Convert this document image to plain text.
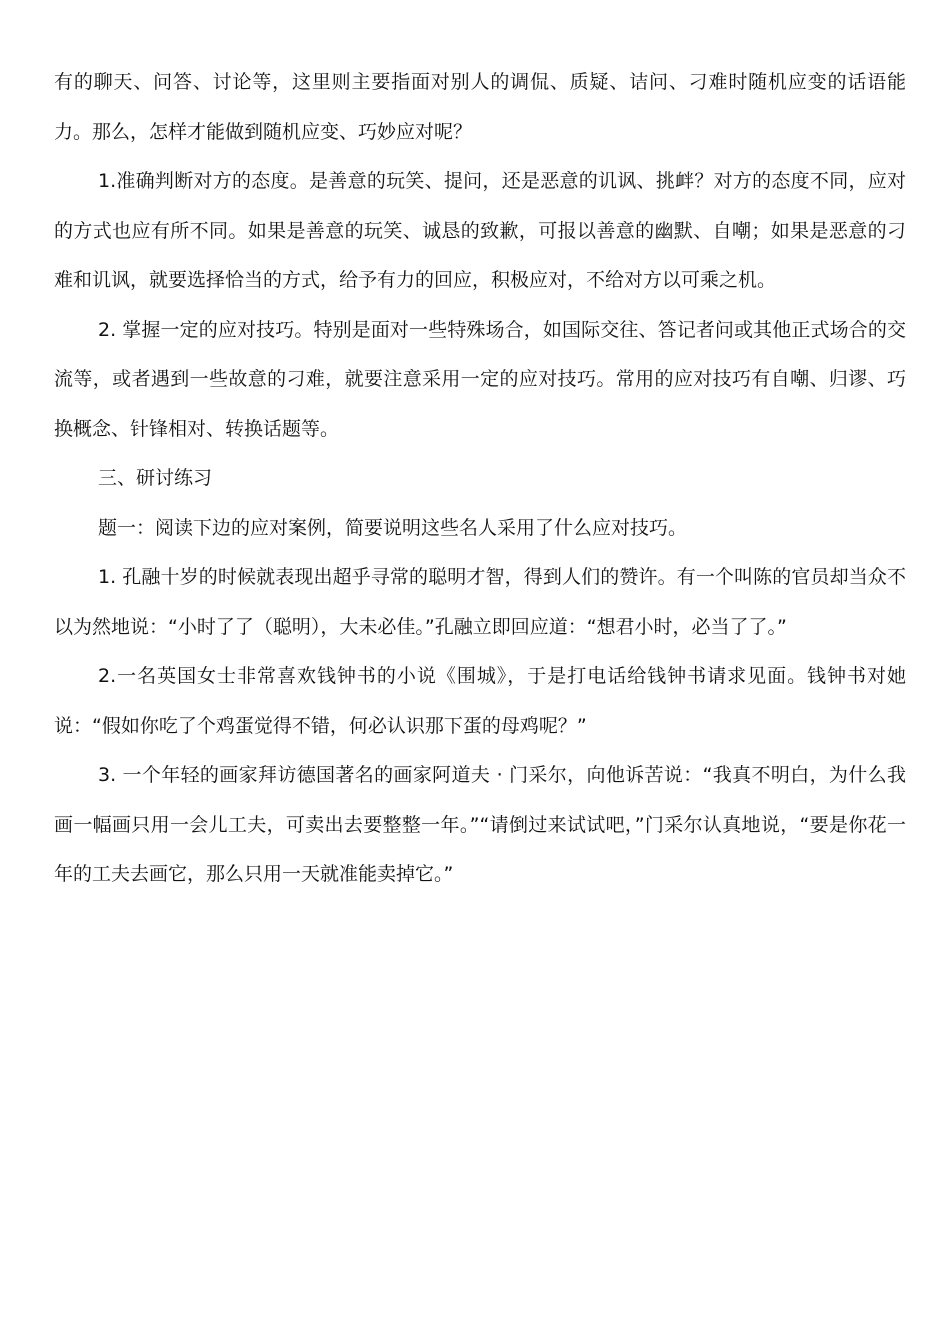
有的聊天、问答、讨论等，这里则主要指面对别人的调侃、质疑、诘问、刁难时随机应变的话语能力。那么，怎样才能做到随机应变、巧妙应对呢？

1.准确判断对方的态度。是善意的玩笑、提问，还是恶意的讥讽、挑衅？对方的态度不同，应对的方式也应有所不同。如果是善意的玩笑、诚恳的致歉，可报以善意的幽默、自嘲；如果是恶意的刁难和讥讽，就要选择恰当的方式，给予有力的回应，积极应对，不给对方以可乘之机。

2. 掌握一定的应对技巧。特别是面对一些特殊场合，如国际交往、答记者问或其他正式场合的交流等，或者遇到一些故意的刁难，就要注意采用一定的应对技巧。常用的应对技巧有自嘲、归谬、巧换概念、针锋相对、转换话题等。

三、研讨练习

题一：阅读下边的应对案例，简要说明这些名人采用了什么应对技巧。

1. 孔融十岁的时候就表现出超乎寻常的聪明才智，得到人们的赞许。有一个叫陈的官员却当众不以为然地说：“小时了了（聪明），大未必佳。”孔融立即回应道：“想君小时，必当了了。”

2.一名英国女士非常喜欢钱钟书的小说《围城》，于是打电话给钱钟书请求见面。钱钟书对她说：“假如你吃了个鸡蛋觉得不错，何必认识那下蛋的母鸡呢？”

3. 一个年轻的画家拜访德国著名的画家阿道夫 · 门采尔，向他诉苦说：“我真不明白，为什么我画一幅画只用一会儿工夫，可卖出去要整整一年。”“请倒过来试试吧，”门采尔认真地说，“要是你花一年的工夫去画它，那么只用一天就准能卖掉它。”
